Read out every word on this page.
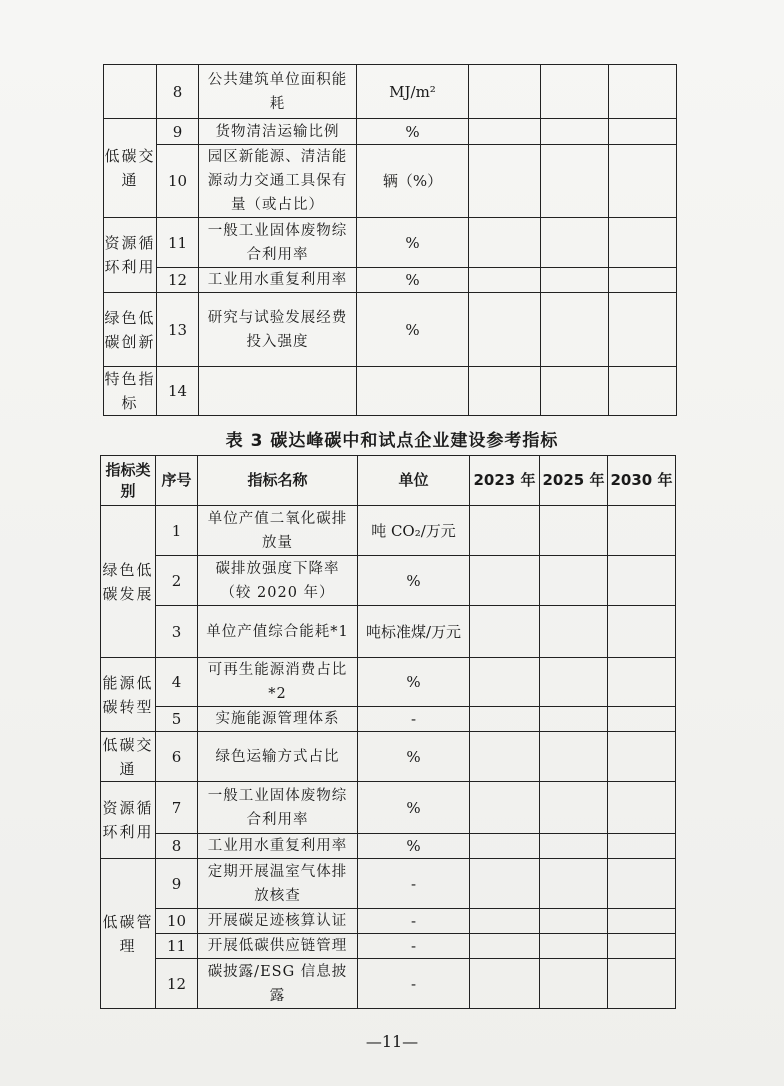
	8	公共建筑单位面积能耗	MJ/m²			
低碳交通	9	货物清洁运输比例	%			
	10	园区新能源、清洁能源动力交通工具保有量（或占比）	辆（%）			
资源循环利用	11	一般工业固体废物综合利用率	%			
	12	工业用水重复利用率	%			
绿色低碳创新	13	研究与试验发展经费投入强度	%			
特色指标	14					
表 3 碳达峰碳中和试点企业建设参考指标
指标类别	序号	指标名称	单位	2023 年	2025 年	2030 年
绿色低碳发展	1	单位产值二氧化碳排放量	吨 CO₂/万元			
	2	碳排放强度下降率（较 2020 年）	%			
	3	单位产值综合能耗*1	吨标准煤/万元			
能源低碳转型	4	可再生能源消费占比*2	%			
	5	实施能源管理体系	-			
低碳交通	6	绿色运输方式占比	%			
资源循环利用	7	一般工业固体废物综合利用率	%			
	8	工业用水重复利用率	%			
低碳管理	9	定期开展温室气体排放核查	-			
	10	开展碳足迹核算认证	-			
	11	开展低碳供应链管理	-			
	12	碳披露/ESG 信息披露	-			
—11—
